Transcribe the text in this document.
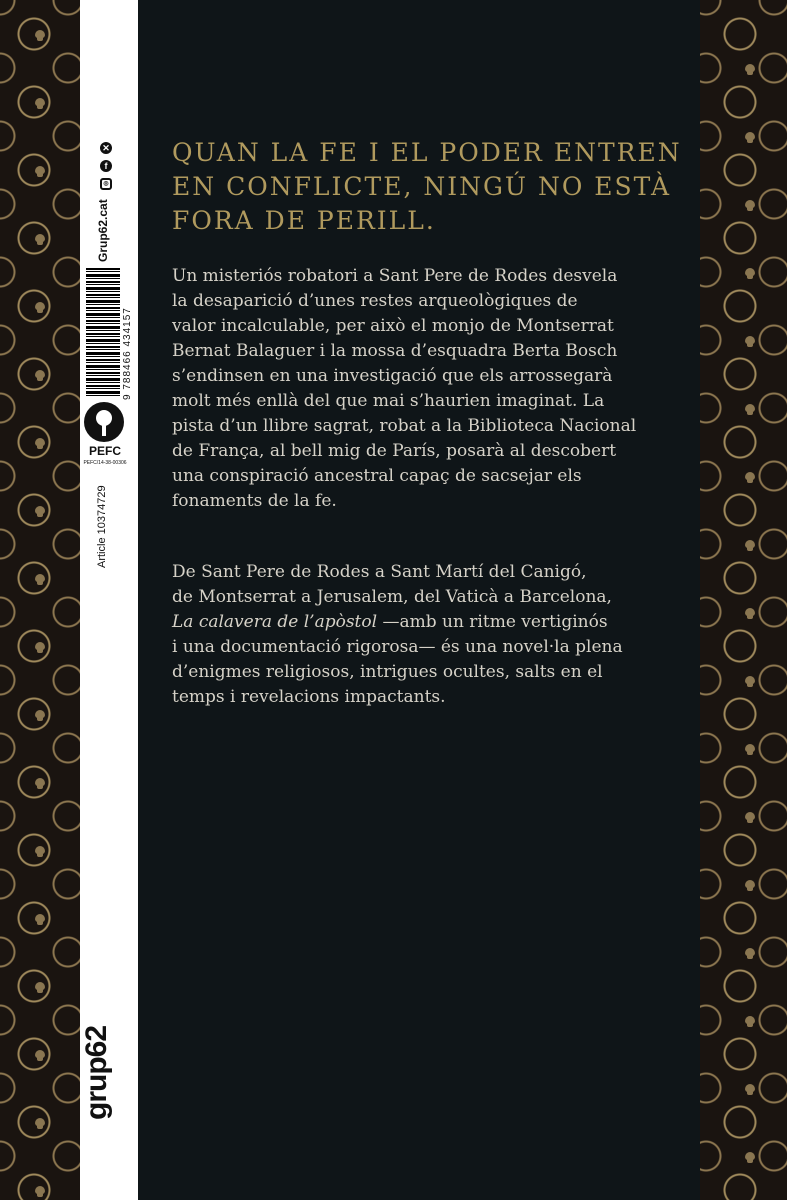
Grup62.cat
◎
f
✕
9 788466 434157
PEFC
PEFC/14-38-00306
Article 10374729
grup62
QUAN LA FE I EL PODER ENTREN
EN CONFLICTE, NINGÚ NO ESTÀ
FORA DE PERILL.

Un misteriós robatori a Sant Pere de Rodes desvela
la desaparició d’unes restes arqueològiques de
valor incalculable, per això el monjo de Montserrat
Bernat Balaguer i la mossa d’esquadra Berta Bosch
s’endinsen en una investigació que els arrossegarà
molt més enllà del que mai s’haurien imaginat. La
pista d’un llibre sagrat, robat a la Biblioteca Nacional
de França, al bell mig de París, posarà al descobert
una conspiració ancestral capaç de sacsejar els
fonaments de la fe.

De Sant Pere de Rodes a Sant Martí del Canigó,
de Montserrat a Jerusalem, del Vaticà a Barcelona,
La calavera de l’apòstol —amb un ritme vertiginós
i una documentació rigorosa— és una novel·la plena
d’enigmes religiosos, intrigues ocultes, salts en el
temps i revelacions impactants.
